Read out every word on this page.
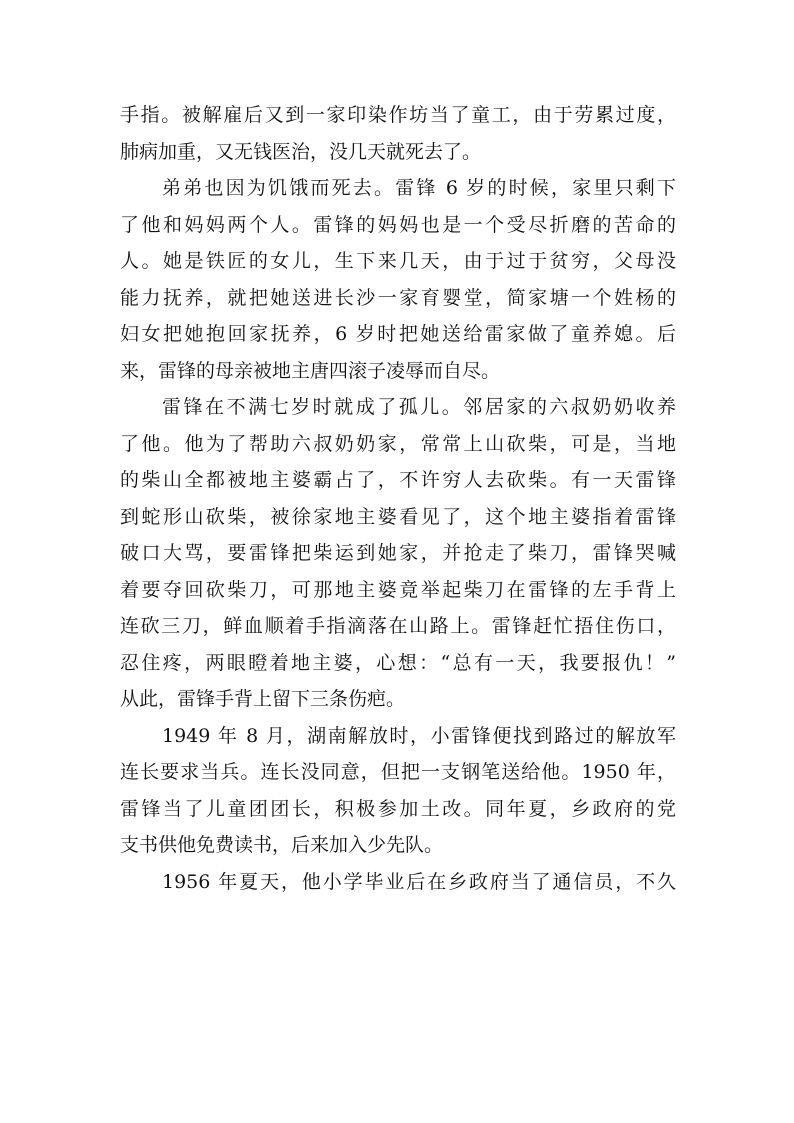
手指。被解雇后又到一家印染作坊当了童工，由于劳累过度，
肺病加重，又无钱医治，没几天就死去了。
弟弟也因为饥饿而死去。雷锋 6 岁的时候，家里只剩下
了他和妈妈两个人。雷锋的妈妈也是一个受尽折磨的苦命的
人。她是铁匠的女儿，生下来几天，由于过于贫穷，父母没
能力抚养，就把她送进长沙一家育婴堂，简家塘一个姓杨的
妇女把她抱回家抚养，6 岁时把她送给雷家做了童养媳。后
来，雷锋的母亲被地主唐四滚子凌辱而自尽。
雷锋在不满七岁时就成了孤儿。邻居家的六叔奶奶收养
了他。他为了帮助六叔奶奶家，常常上山砍柴，可是，当地
的柴山全都被地主婆霸占了，不许穷人去砍柴。有一天雷锋
到蛇形山砍柴，被徐家地主婆看见了，这个地主婆指着雷锋
破口大骂，要雷锋把柴运到她家，并抢走了柴刀，雷锋哭喊
着要夺回砍柴刀，可那地主婆竟举起柴刀在雷锋的左手背上
连砍三刀，鲜血顺着手指滴落在山路上。雷锋赶忙捂住伤口，
忍住疼，两眼瞪着地主婆，心想：“总有一天，我要报仇！”
从此，雷锋手背上留下三条伤疤。
1949 年 8 月，湖南解放时，小雷锋便找到路过的解放军
连长要求当兵。连长没同意，但把一支钢笔送给他。1950 年，
雷锋当了儿童团团长，积极参加土改。同年夏，乡政府的党
支书供他免费读书，后来加入少先队。
1956 年夏天，他小学毕业后在乡政府当了通信员，不久
